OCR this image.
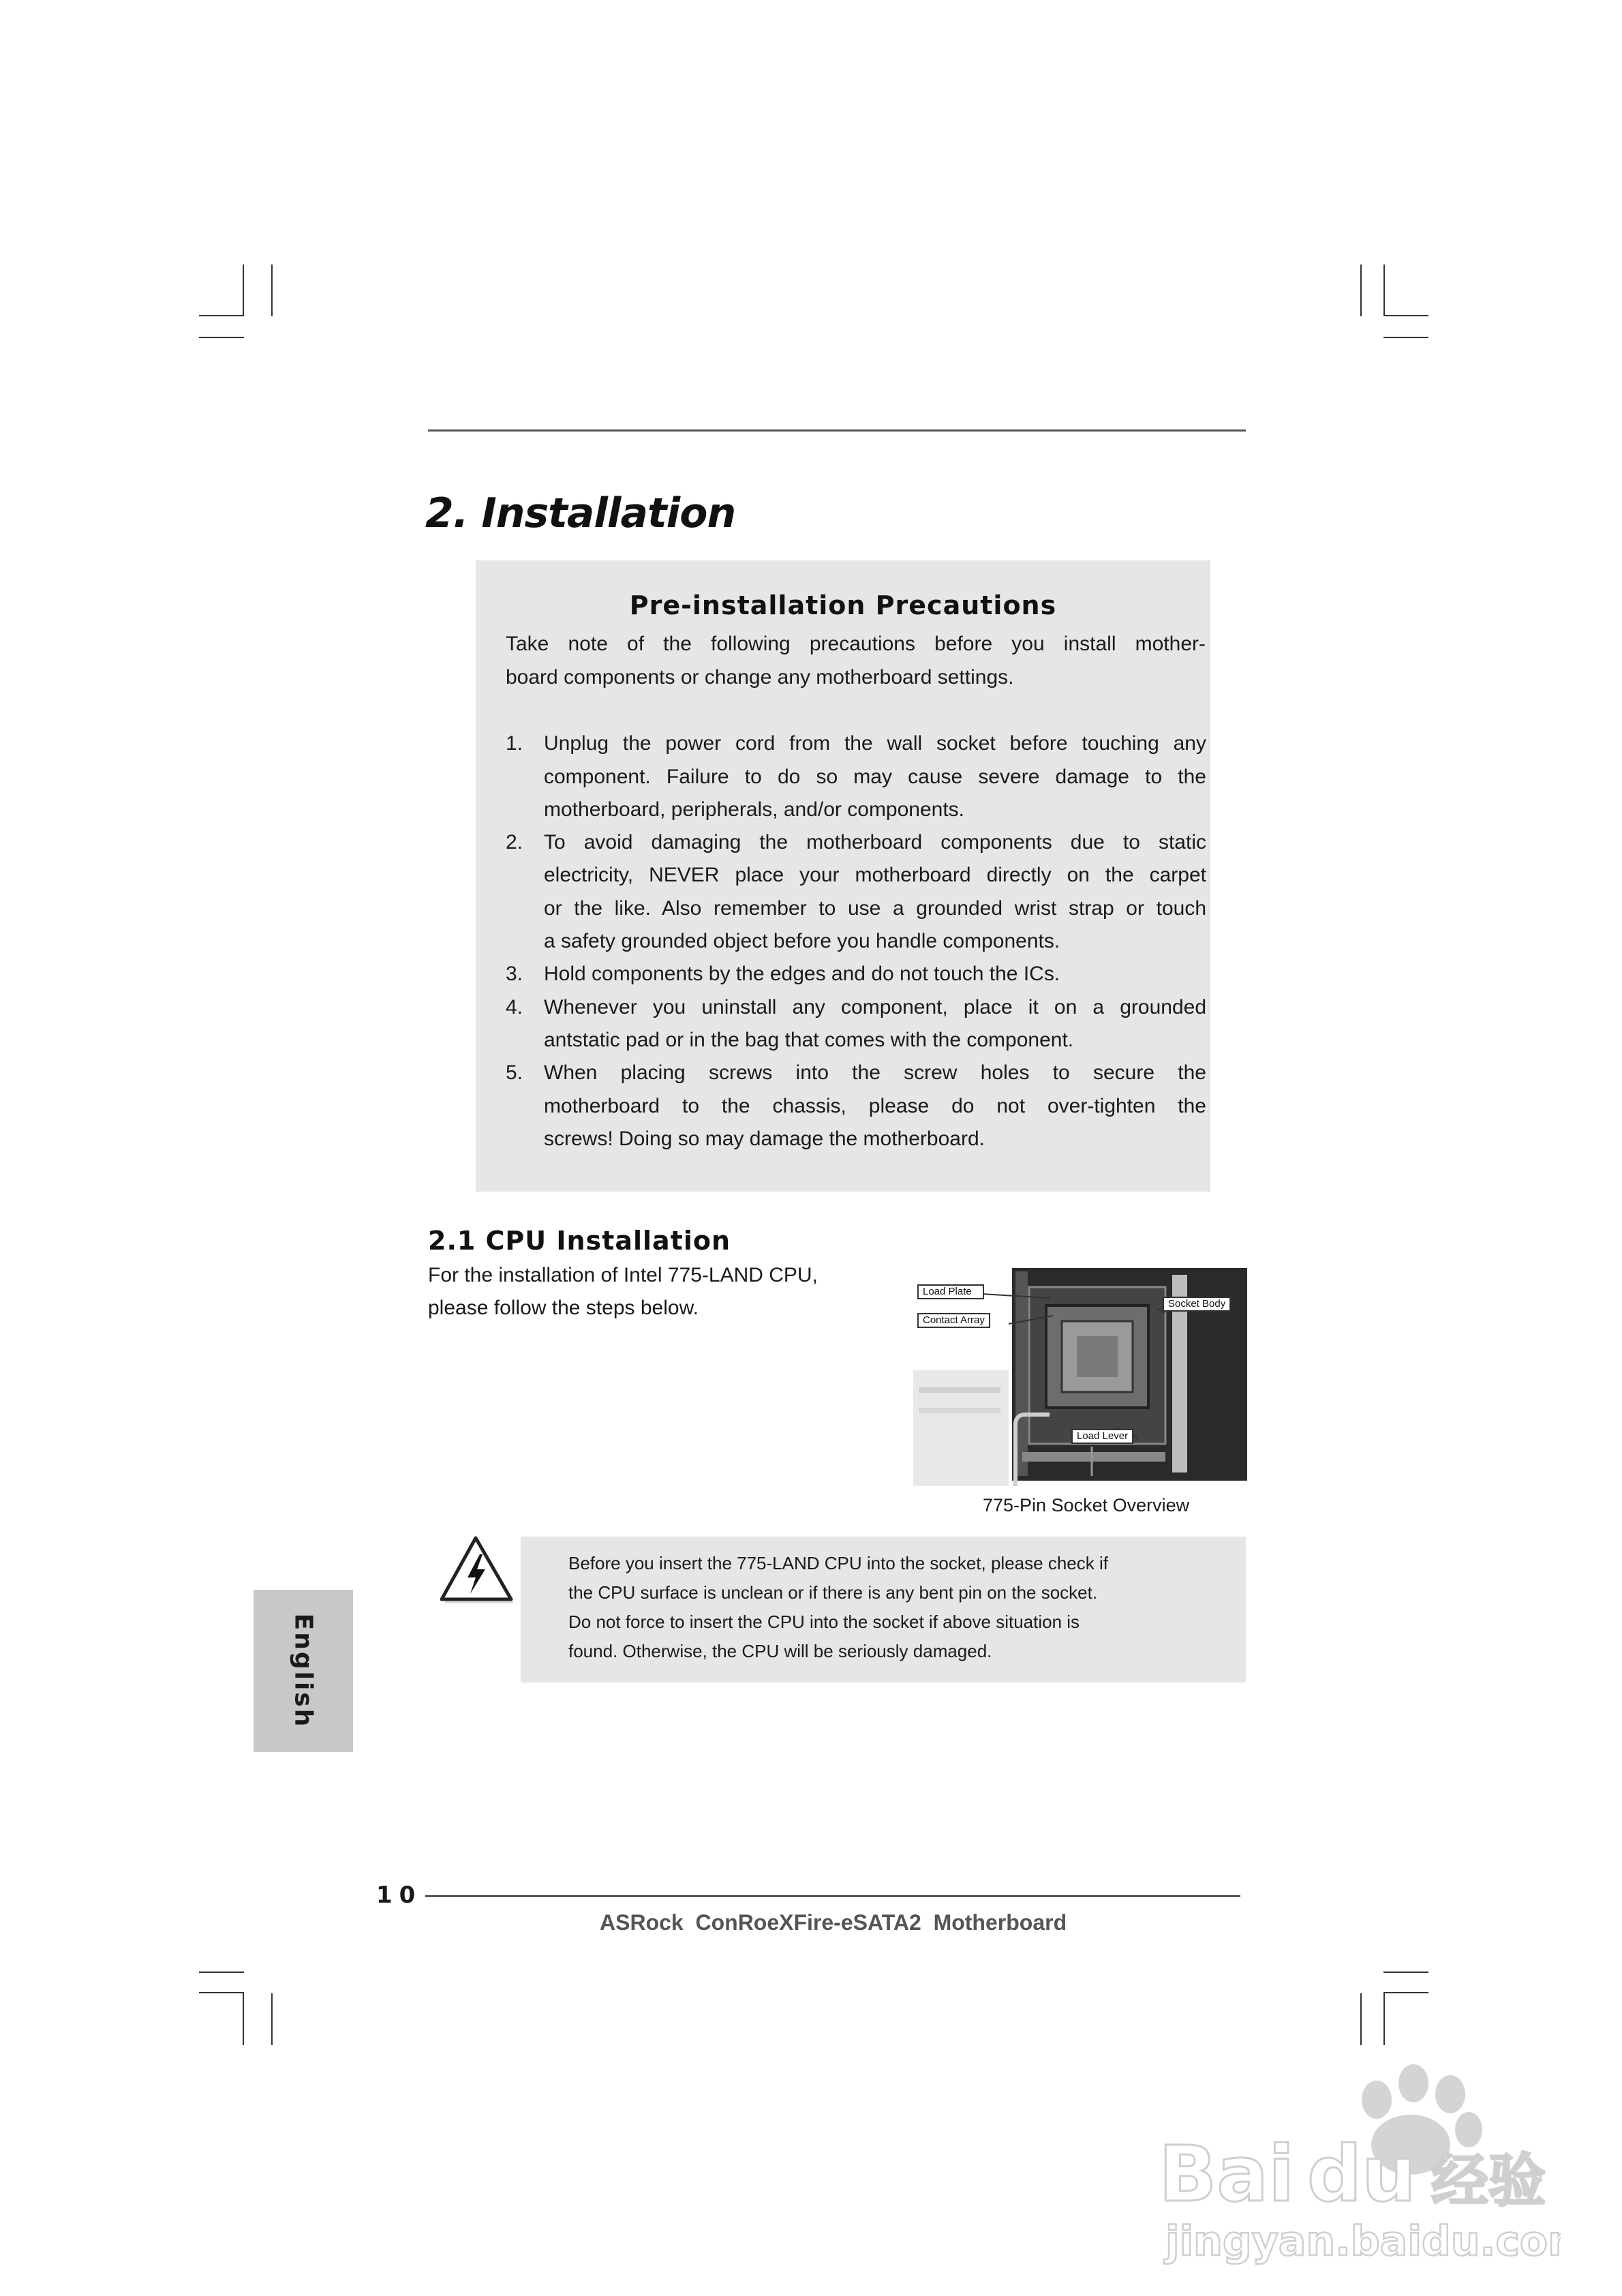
2. Installation
Pre-installation Precautions
Take note of the following precautions before you install mother-
board components or change any motherboard settings.
1. Unplug the power cord from the wall socket before touching any
component. Failure to do so may cause severe damage to the
motherboard, peripherals, and/or components.
2. To avoid damaging the motherboard components due to static
electricity, NEVER place your motherboard directly on the carpet
or the like. Also remember to use a grounded wrist strap or touch
a safety grounded object before you handle components.
3. Hold components by the edges and do not touch the ICs.
4. Whenever you uninstall any component, place it on a grounded
antstatic pad or in the bag that comes with the component.
5. When placing screws into the screw holes to secure the
motherboard to the chassis, please do not over-tighten the
screws! Doing so may damage the motherboard.
2.1 CPU Installation
For the installation of Intel 775-LAND CPU,
please follow the steps below.
Load Plate
Contact Array
Socket Body
Load Lever
775-Pin Socket Overview
Before you insert the 775-LAND CPU into the socket, please check if
the CPU surface is unclean or if there is any bent pin on the socket.
Do not force to insert the CPU into the socket if above situation is
found. Otherwise, the CPU will be seriously damaged.
English
10
ASRock  ConRoeXFire-eSATA2  Motherboard
Bai du 经验
jingyan.baidu.com
